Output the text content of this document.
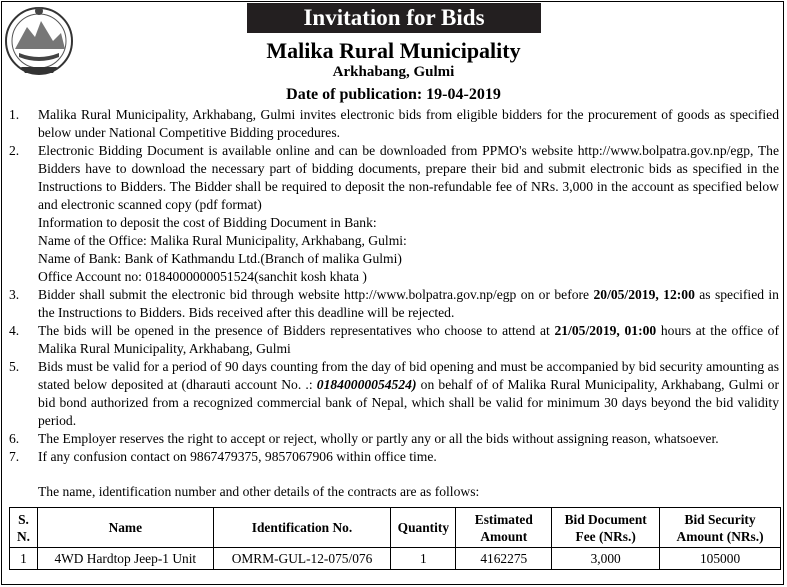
Invitation for Bids
Malika Rural Municipality
Arkhabang, Gulmi
Date of publication: 19-04-2019
1. Malika Rural Municipality, Arkhabang, Gulmi invites electronic bids from eligible bidders for the procurement of goods as specified below under National Competitive Bidding procedures.
2. Electronic Bidding Document is available online and can be downloaded from PPMO's website http://www.bolpatra.gov.np/egp, The Bidders have to download the necessary part of bidding documents, prepare their bid and submit electronic bids as specified in the Instructions to Bidders. The Bidder shall be required to deposit the non-refundable fee of NRs. 3,000 in the account as specified below and electronic scanned copy (pdf format)
Information to deposit the cost of Bidding Document in Bank:
Name of the Office: Malika Rural Municipality, Arkhabang, Gulmi:
Name of Bank: Bank of Kathmandu Ltd.(Branch of malika Gulmi)
Office Account no: 0184000000051524(sanchit kosh khata )
3. Bidder shall submit the electronic bid through website http://www.bolpatra.gov.np/egp on or before 20/05/2019, 12:00 as specified in the Instructions to Bidders. Bids received after this deadline will be rejected.
4. The bids will be opened in the presence of Bidders representatives who choose to attend at 21/05/2019, 01:00 hours at the office of Malika Rural Municipality, Arkhabang, Gulmi
5. Bids must be valid for a period of 90 days counting from the day of bid opening and must be accompanied by bid security amounting as stated below deposited at (dharauti account No. .: 01840000054524) on behalf of of Malika Rural Municipality, Arkhabang, Gulmi or bid bond authorized from a recognized commercial bank of Nepal, which shall be valid for minimum 30 days beyond the bid validity period.
6. The Employer reserves the right to accept or reject, wholly or partly any or all the bids without assigning reason, whatsoever.
7. If any confusion contact on 9867479375, 9857067906 within office time.
The name, identification number and other details of the contracts are as follows:
S. N.	Name	Identification No.	Quantity	Estimated Amount	Bid Document Fee (NRs.)	Bid Security Amount (NRs.)
1	4WD Hardtop Jeep-1 Unit	OMRM-GUL-12-075/076	1	4162275	3,000	105000
